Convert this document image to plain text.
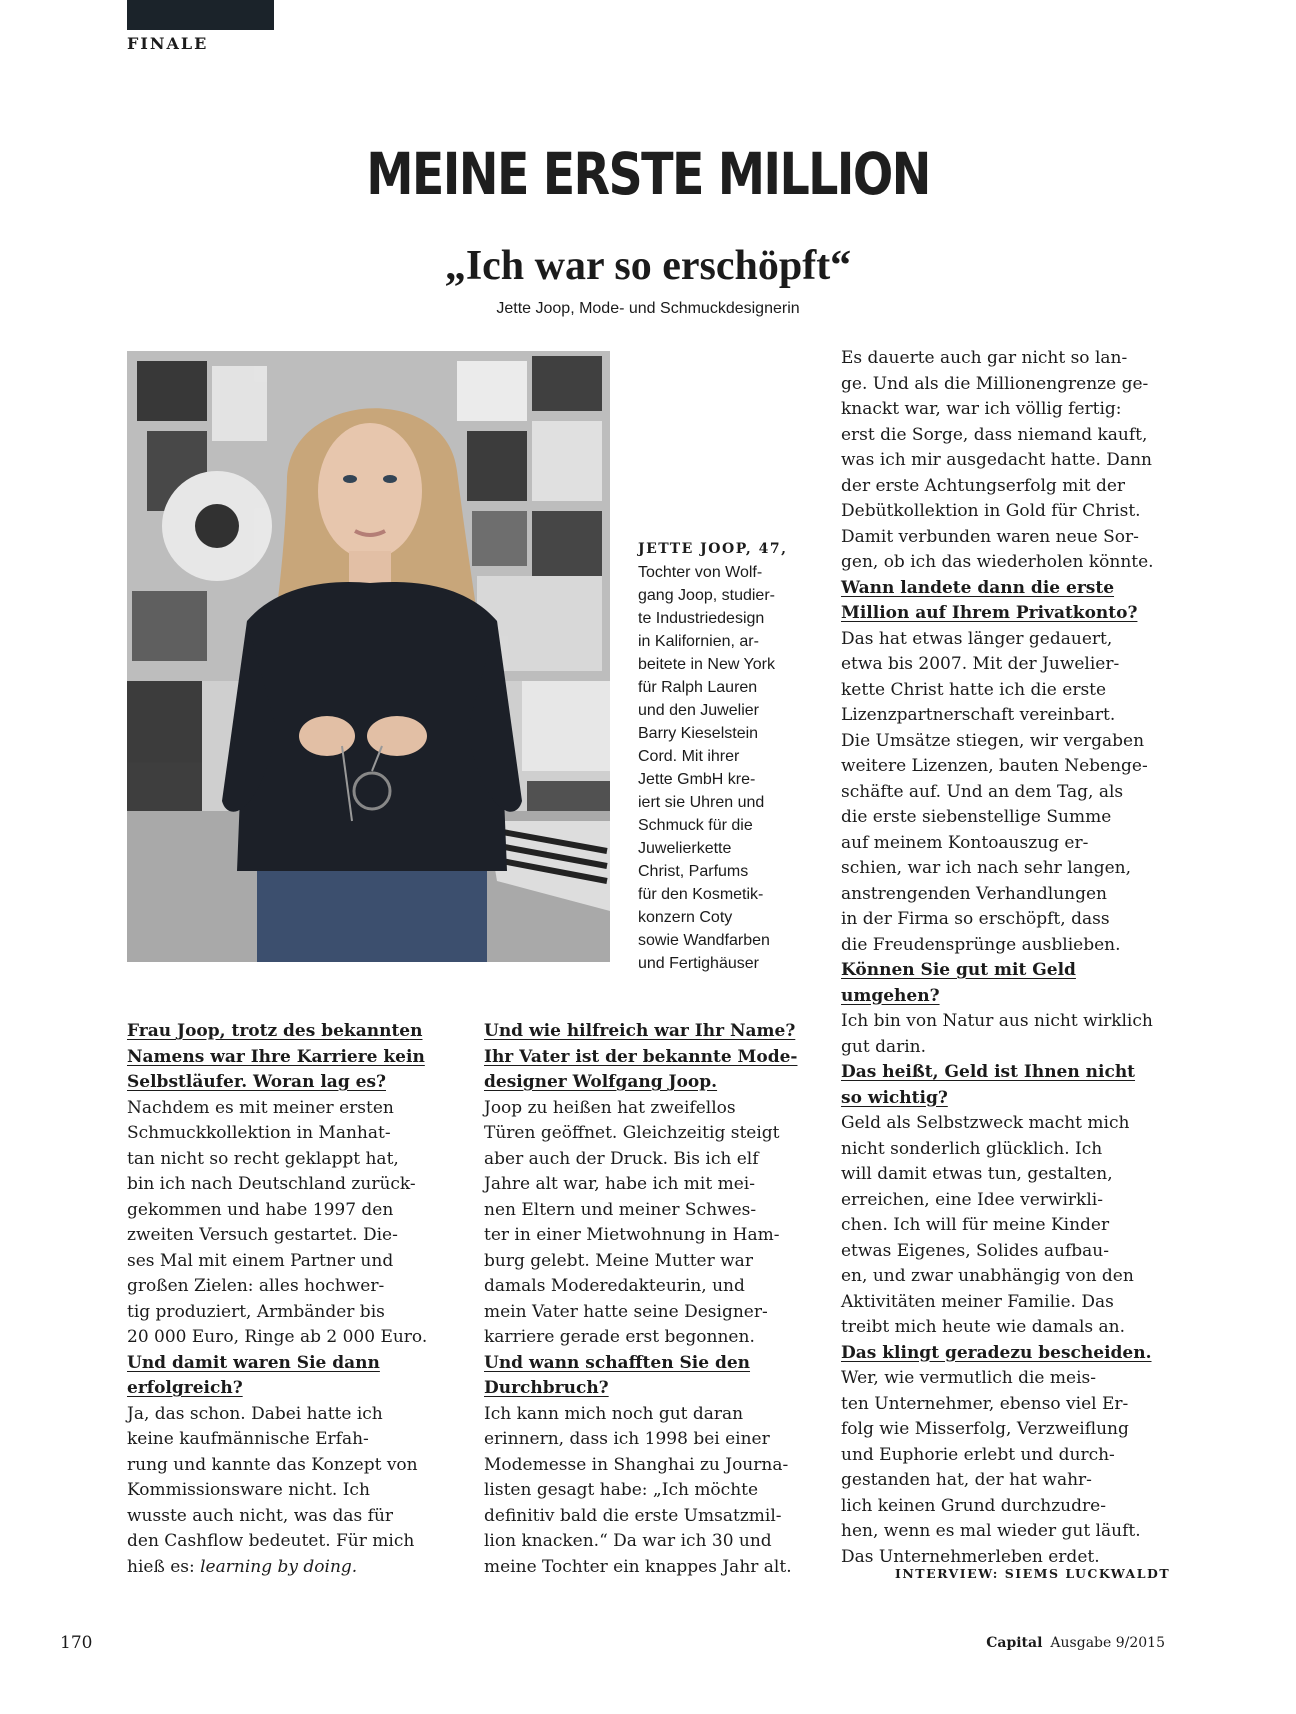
FINALE
MEINE ERSTE MILLION
„Ich war so erschöpft“
Jette Joop, Mode- und Schmuckdesignerin
JETTE JOOP, 47,
Tochter von Wolf-
gang Joop, studier-
te Industriedesign
in Kalifornien, ar-
beitete in New York
für Ralph Lauren
und den Juwelier
Barry Kieselstein
Cord. Mit ihrer
Jette GmbH kre-
iert sie Uhren und
Schmuck für die
Juwelierkette
Christ, Parfums
für den Kosmetik-
konzern Coty
sowie Wandfarben
und Fertighäuser

Frau Joop, trotz des bekannten

Namens war Ihre Karriere kein

Selbstläufer. Woran lag es?

Nachdem es mit meiner ersten

Schmuckkollektion in Manhat-

tan nicht so recht geklappt hat,

bin ich nach Deutschland zurück-

gekommen und habe 1997 den

zweiten Versuch gestartet. Die-

ses Mal mit einem Partner und

großen Zielen: alles hochwer-

tig produziert, Armbänder bis

20 000 Euro, Ringe ab 2 000 Euro.

Und damit waren Sie dann

erfolgreich?

Ja, das schon. Dabei hatte ich

keine kaufmännische Erfah-

rung und kannte das Konzept von

Kommissionsware nicht. Ich

wusste auch nicht, was das für

den Cashflow bedeutet. Für mich

hieß es: learning by doing.

Und wie hilfreich war Ihr Name?

Ihr Vater ist der bekannte Mode-

designer Wolfgang Joop.

Joop zu heißen hat zweifellos

Türen geöffnet. Gleichzeitig steigt

aber auch der Druck. Bis ich elf

Jahre alt war, habe ich mit mei-

nen Eltern und meiner Schwes-

ter in einer Mietwohnung in Ham-

burg gelebt. Meine Mutter war

damals Moderedakteurin, und

mein Vater hatte seine Designer-

karriere gerade erst begonnen.

Und wann schafften Sie den

Durchbruch?

Ich kann mich noch gut daran

erinnern, dass ich 1998 bei einer

Modemesse in Shanghai zu Journa-

listen gesagt habe: „Ich möchte

definitiv bald die erste Umsatzmil-

lion knacken.“ Da war ich 30 und

meine Tochter ein knappes Jahr alt.

Es dauerte auch gar nicht so lan-

ge. Und als die Millionengrenze ge-

knackt war, war ich völlig fertig:

erst die Sorge, dass niemand kauft,

was ich mir ausgedacht hatte. Dann

der erste Achtungserfolg mit der

Debütkollektion in Gold für Christ.

Damit verbunden waren neue Sor-

gen, ob ich das wiederholen könnte.

Wann landete dann die erste

Million auf Ihrem Privatkonto?

Das hat etwas länger gedauert,

etwa bis 2007. Mit der Juwelier-

kette Christ hatte ich die erste

Lizenzpartnerschaft vereinbart.

Die Umsätze stiegen, wir vergaben

weitere Lizenzen, bauten Nebenge-

schäfte auf. Und an dem Tag, als

die erste siebenstellige Summe

auf meinem Kontoauszug er-

schien, war ich nach sehr langen,

anstrengenden Verhandlungen

in der Firma so erschöpft, dass

die Freudensprünge ausblieben.

Können Sie gut mit Geld umgehen?

Ich bin von Natur aus nicht wirklich

gut darin.

Das heißt, Geld ist Ihnen nicht

so wichtig?

Geld als Selbstzweck macht mich

nicht sonderlich glücklich. Ich

will damit etwas tun, gestalten,

erreichen, eine Idee verwirkli-

chen. Ich will für meine Kinder

etwas Eigenes, Solides aufbau-

en, und zwar unabhängig von den

Aktivitäten meiner Familie. Das

treibt mich heute wie damals an.

Das klingt geradezu bescheiden.

Wer, wie vermutlich die meis-

ten Unternehmer, ebenso viel Er-

folg wie Misserfolg, Verzweiflung

und Euphorie erlebt und durch-

gestanden hat, der hat wahr-

lich keinen Grund durchzudre-

hen, wenn es mal wieder gut läuft.

Das Unternehmerleben erdet.

INTERVIEW: SIEMS LUCKWALDT
170	Capital Ausgabe 9/2015
